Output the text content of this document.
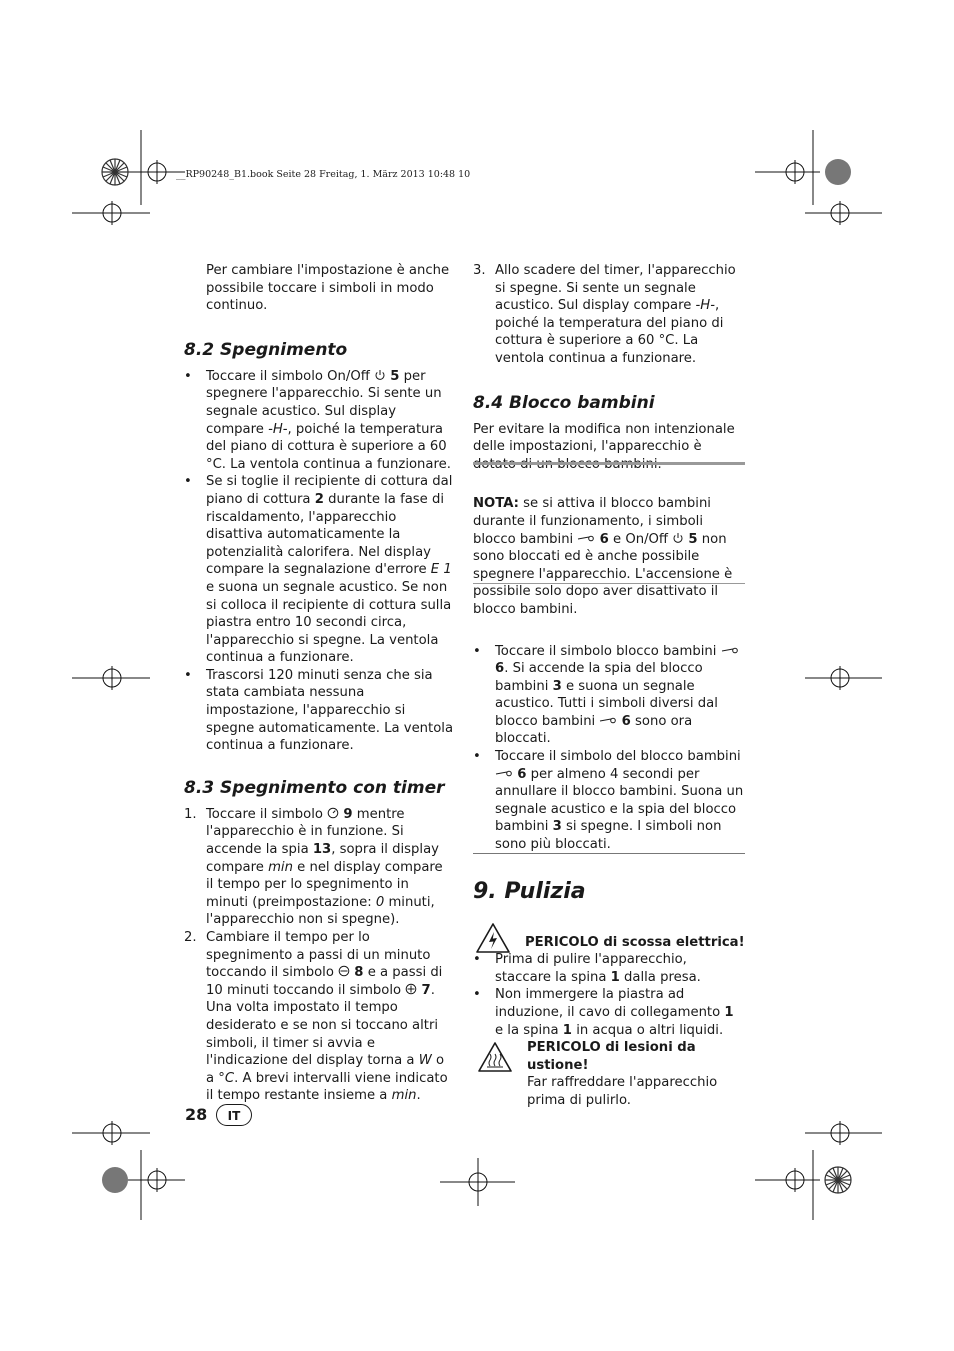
__RP90248_B1.book Seite 28 Freitag, 1. März 2013 10:48 10

Per cambiare l'impostazione è anche possibile toccare i simboli in modo continuo.

8.2 Spegnimento
• Toccare il simbolo On/Off 5 per spegnere l'apparecchio. Si sente un segnale acustico. Sul display compare -H-, poiché la temperatura del piano di cottura è superiore a 60 °C. La ventola continua a funzionare.
• Se si toglie il recipiente di cottura dal piano di cottura 2 durante la fase di riscaldamento, l'apparecchio disattiva automaticamente la potenzialità calorifera. Nel display compare la segnalazione d'errore E 1 e suona un segnale acustico. Se non si colloca il recipiente di cottura sulla piastra entro 10 secondi circa, l'apparecchio si spegne. La ventola continua a funzionare.
• Trascorsi 120 minuti senza che sia stata cambiata nessuna impostazione, l'apparecchio si spegne automaticamente. La ventola continua a funzionare.
8.3 Spegnimento con timer
1. Toccare il simbolo 9 mentre l'apparecchio è in funzione. Si accende la spia 13, sopra il display compare min e nel display compare il tempo per lo spegnimento in minuti (preimpostazione: 0 minuti, l'apparecchio non si spegne).
2. Cambiare il tempo per lo spegnimento a passi di un minuto toccando il simbolo 8 e a passi di 10 minuti toccando il simbolo 7. Una volta impostato il tempo desiderato e se non si toccano altri simboli, il timer si avvia e l'indicazione del display torna a W o a °C. A brevi intervalli viene indicato il tempo restante insieme a min.
3. Allo scadere del timer, l'apparecchio si spegne. Si sente un segnale acustico. Sul display compare -H-, poiché la temperatura del piano di cottura è superiore a 60 °C. La ventola continua a funzionare.
8.4 Blocco bambini

Per evitare la modifica non intenzionale delle impostazioni, l'apparecchio è

NOTA: se si attiva il blocco bambini durante il funzionamento, i simboli blocco bambini 6 e On/Off 5 non sono bloccati ed è anche possibile spegnere l'apparecchio. L'accensione è possibile solo dopo aver disattivato il blocco bambini.

• Toccare il simbolo blocco bambini  6. Si accende la spia del blocco bambini 3 e suona un segnale acustico. Tutti i simboli diversi dal blocco bambini 6 sono ora bloccati.
• Toccare il simbolo del blocco bambini  6 per almeno 4 secondi per annullare il blocco bambini. Suona un segnale acustico e la spia del blocco bambini 3 si spegne. I simboli non sono più bloccati.
9. Pulizia
PERICOLO di scossa elettrica!
• Prima di pulire l'apparecchio, staccare la spina 1 dalla presa.
• Non immergere la piastra ad induzione, il cavo di collegamento 1 e la spina 1 in acqua o altri liquidi.
PERICOLO di lesioni da ustione!

Far raffreddare l'apparecchio prima di pulirlo.

28	IT
